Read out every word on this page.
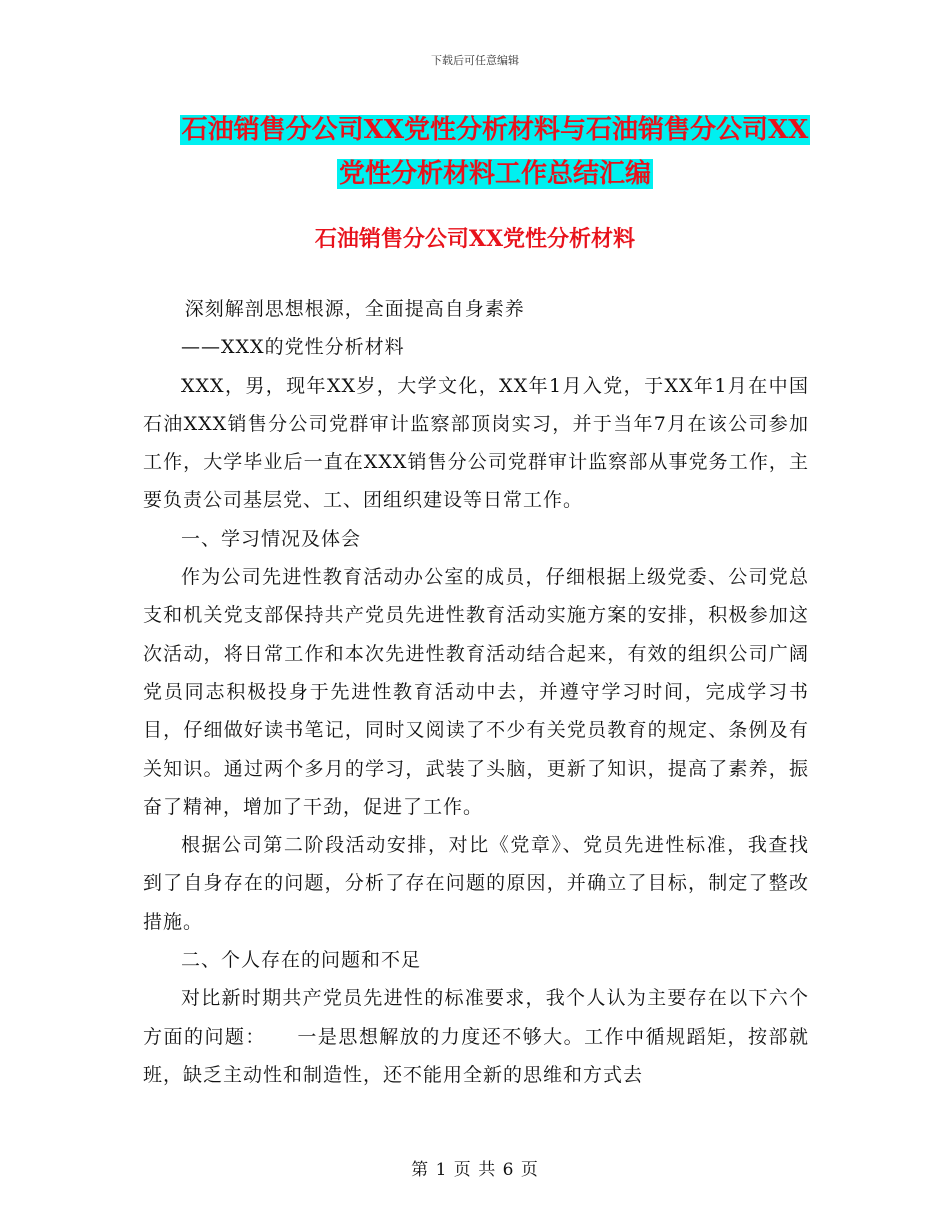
下载后可任意编辑
石油销售分公司XX党性分析材料与石油销售分公司XX
党性分析材料工作总结汇编
石油销售分公司XX党性分析材料

深刻解剖思想根源，全面提高自身素养

——XXX的党性分析材料

XXX，男，现年XX岁，大学文化，XX年1月入党，于XX年1月在中国石油XXX销售分公司党群审计监察部顶岗实习，并于当年7月在该公司参加工作，大学毕业后一直在XXX销售分公司党群审计监察部从事党务工作，主要负责公司基层党、工、团组织建设等日常工作。

一、学习情况及体会

作为公司先进性教育活动办公室的成员，仔细根据上级党委、公司党总支和机关党支部保持共产党员先进性教育活动实施方案的安排，积极参加这次活动，将日常工作和本次先进性教育活动结合起来，有效的组织公司广阔党员同志积极投身于先进性教育活动中去，并遵守学习时间，完成学习书目，仔细做好读书笔记，同时又阅读了不少有关党员教育的规定、条例及有关知识。通过两个多月的学习，武装了头脑，更新了知识，提高了素养，振奋了精神，增加了干劲，促进了工作。

根据公司第二阶段活动安排，对比《党章》、党员先进性标准，我查找到了自身存在的问题，分析了存在问题的原因，并确立了目标，制定了整改措施。

二、个人存在的问题和不足

对比新时期共产党员先进性的标准要求，我个人认为主要存在以下六个方面的问题：　　一是思想解放的力度还不够大。工作中循规蹈矩，按部就班，缺乏主动性和制造性，还不能用全新的思维和方式去

第 1 页 共 6 页
